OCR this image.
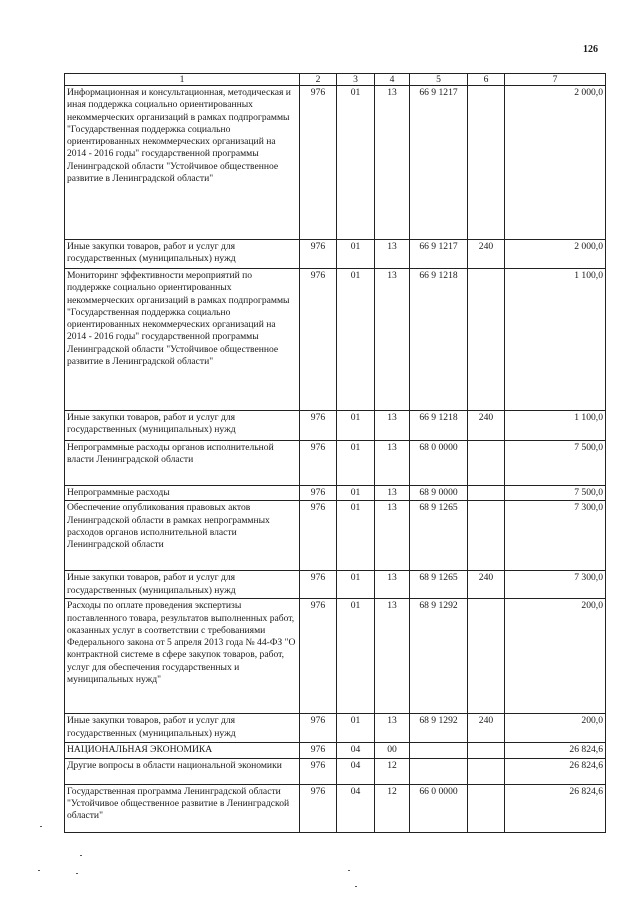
126
1	2	3	4	5	6	7
Информационная и консультационная, методическая и иная поддержка социально ориентированных некоммерческих организаций в рамках подпрограммы "Государственная поддержка социально ориентированных некоммерческих организаций на 2014 - 2016 годы" государственной программы Ленинградской области "Устойчивое общественное развитие в Ленинградской области"	976	01	13	66 9 1217		2 000,0
Иные закупки товаров, работ и услуг для государственных (муниципальных) нужд	976	01	13	66 9 1217	240	2 000,0
Мониторинг эффективности мероприятий по поддержке социально ориентированных некоммерческих организаций в рамках подпрограммы "Государственная поддержка социально ориентированных некоммерческих организаций на 2014 - 2016 годы" государственной программы Ленинградской области "Устойчивое общественное развитие в Ленинградской области"	976	01	13	66 9 1218		1 100,0
Иные закупки товаров, работ и услуг для государственных (муниципальных) нужд	976	01	13	66 9 1218	240	1 100,0
Непрограммные расходы органов исполнительной власти Ленинградской области	976	01	13	68 0 0000		7 500,0
Непрограммные расходы	976	01	13	68 9 0000		7 500,0
Обеспечение опубликования правовых актов Ленинградской области в рамках непрограммных расходов органов исполнительной власти Ленинградской области	976	01	13	68 9 1265		7 300,0
Иные закупки товаров, работ и услуг для государственных (муниципальных) нужд	976	01	13	68 9 1265	240	7 300,0
Расходы по оплате проведения экспертизы поставленного товара, результатов выполненных работ, оказанных услуг в соответствии с требованиями Федерального закона от 5 апреля 2013 года № 44-ФЗ "О контрактной системе в сфере закупок товаров, работ, услуг для обеспечения государственных и муниципальных нужд"	976	01	13	68 9 1292		200,0
Иные закупки товаров, работ и услуг для государственных (муниципальных) нужд	976	01	13	68 9 1292	240	200,0
НАЦИОНАЛЬНАЯ ЭКОНОМИКА	976	04	00			26 824,6
Другие вопросы в области национальной экономики	976	04	12			26 824,6
Государственная программа Ленинградской области "Устойчивое общественное развитие в Ленинградской области"	976	04	12	66 0 0000		26 824,6
